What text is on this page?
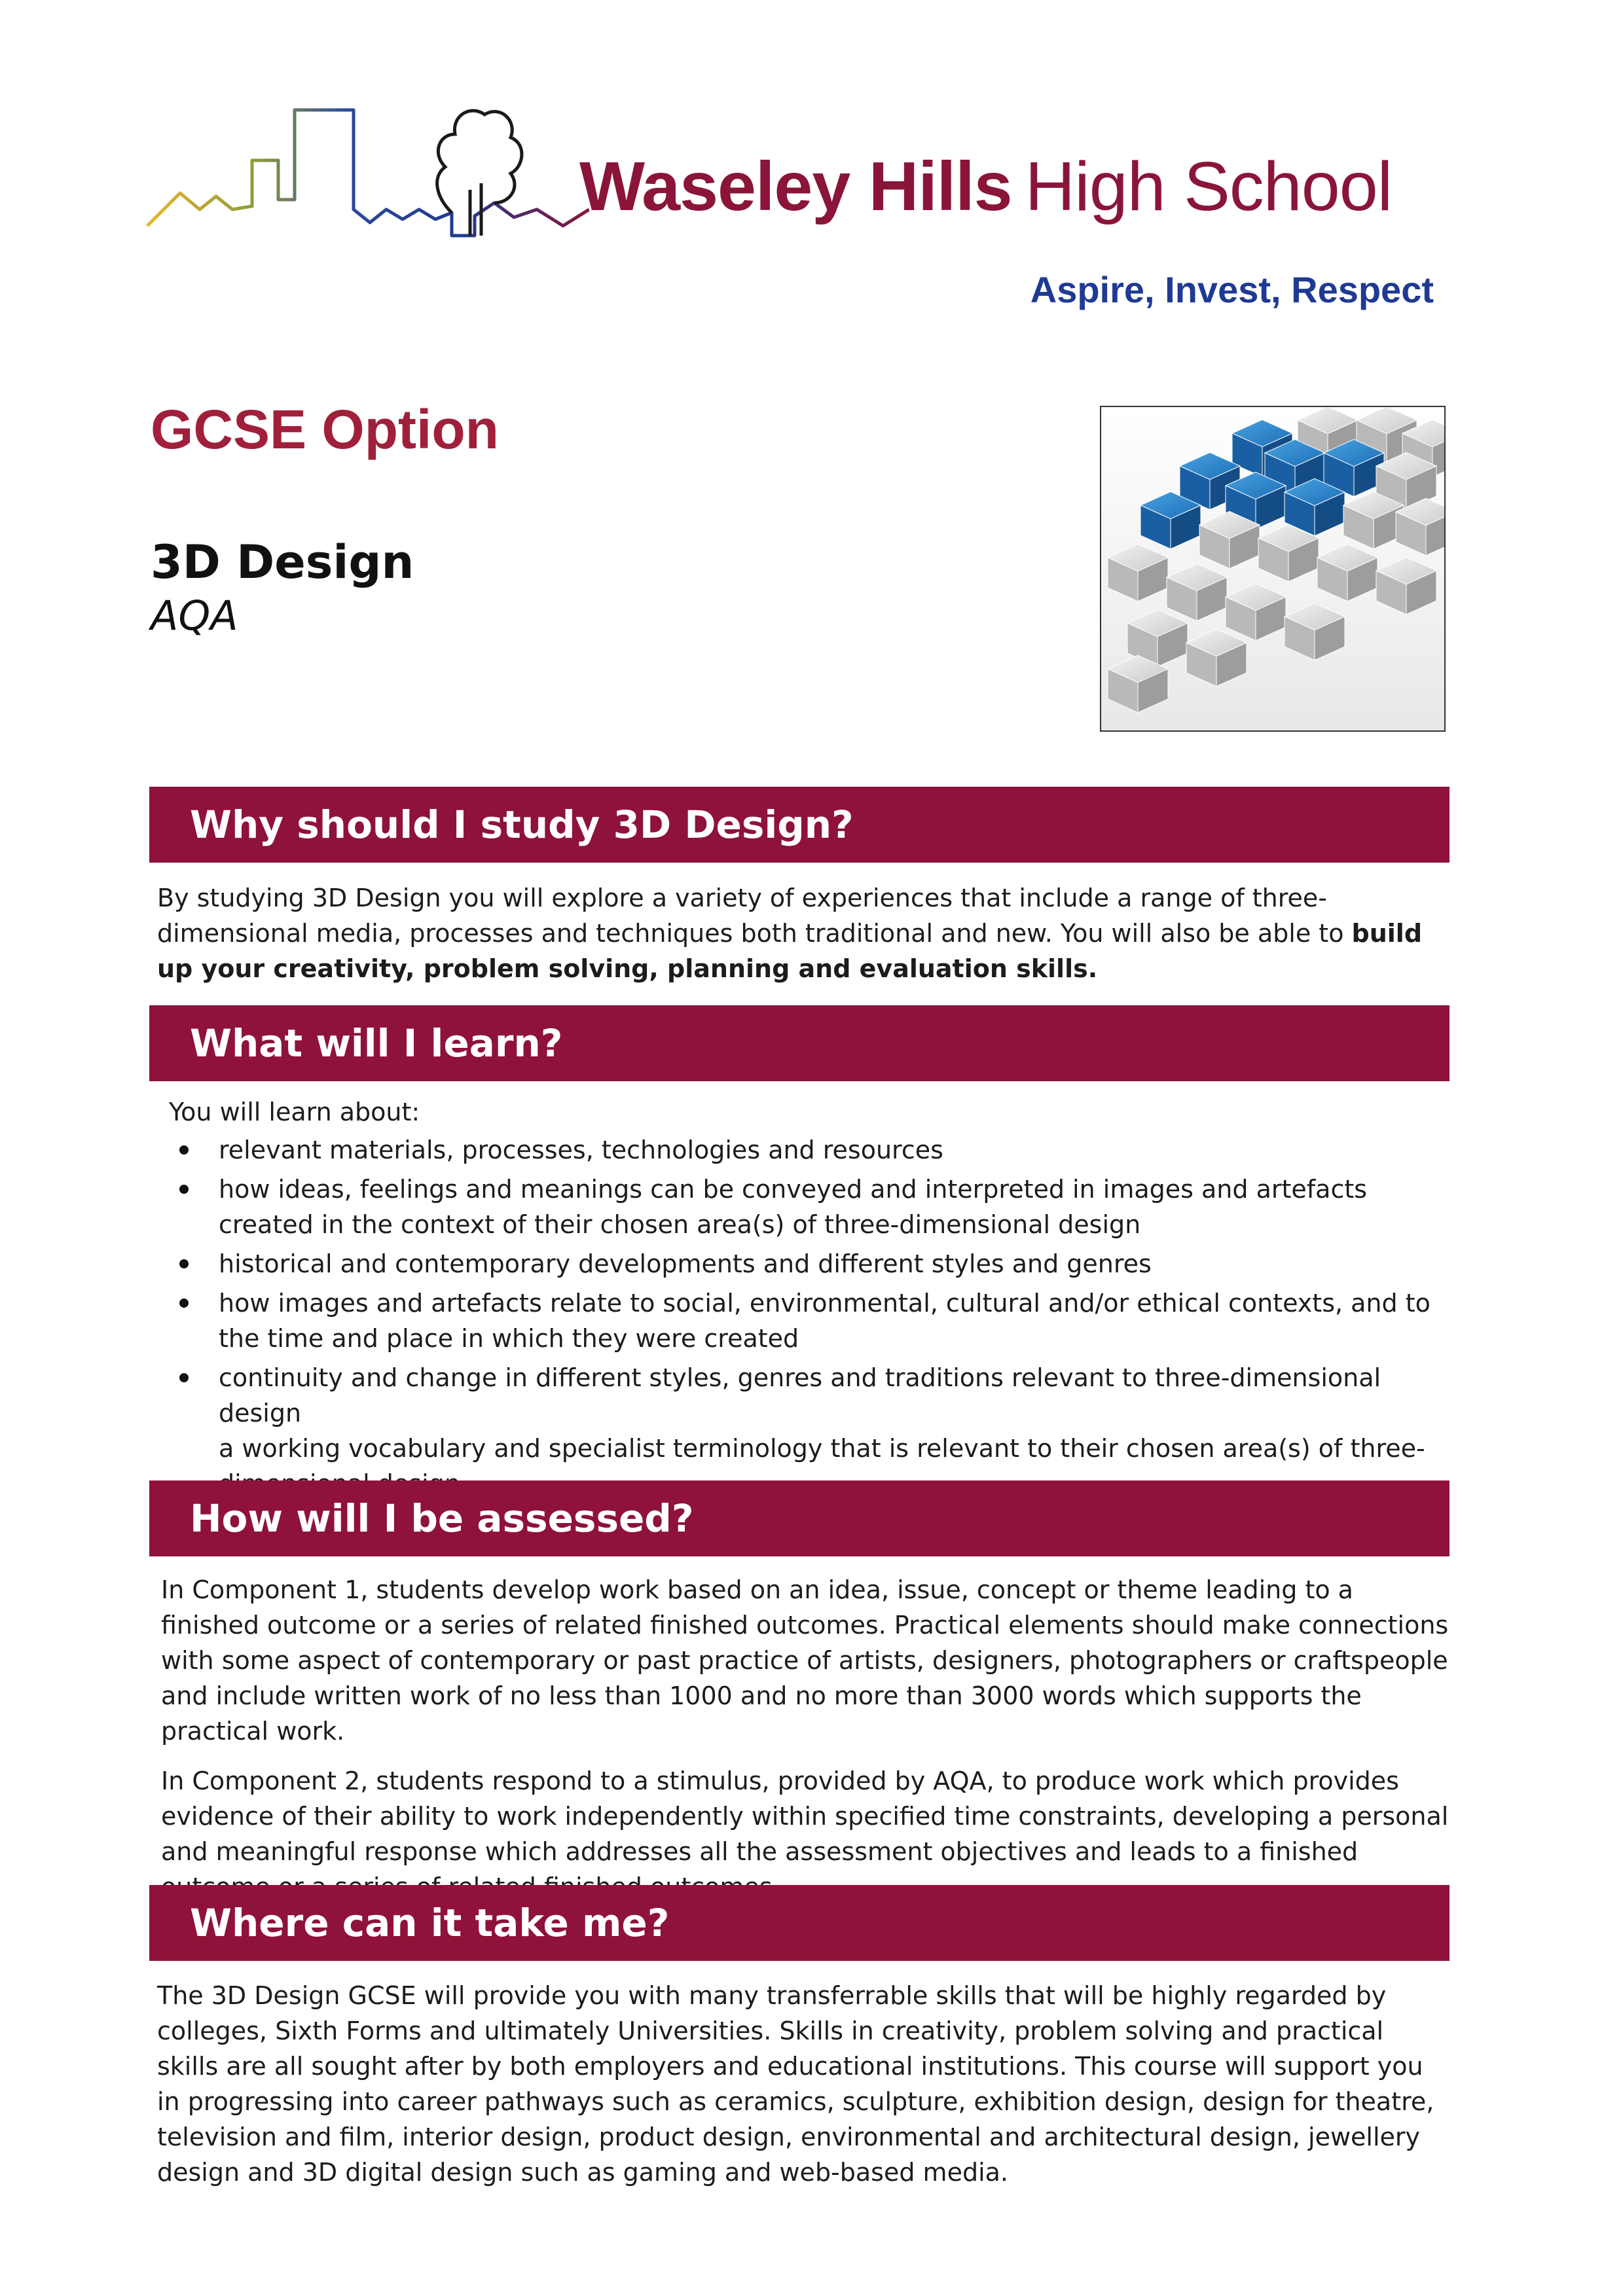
Waseley Hills High School
Aspire, Invest, Respect
GCSE Option
3D Design
AQA
Why should I study 3D Design?

By studying 3D Design you will explore a variety of experiences that include a range of three-dimensional media, processes and techniques both traditional and new. You will also be able to build up your creativity, problem solving, planning and evaluation skills.

What will I learn?

You will learn about:

relevant materials, processes, technologies and resources
how ideas, feelings and meanings can be conveyed and interpreted in images and artefacts created in the context of their chosen area(s) of three-dimensional design
historical and contemporary developments and different styles and genres
how images and artefacts relate to social, environmental, cultural and/or ethical contexts, and to the time and place in which they were created
continuity and change in different styles, genres and traditions relevant to three-dimensional design
a working vocabulary and specialist terminology that is relevant to their chosen area(s) of three-
How will I be assessed?

In Component 1, students develop work based on an idea, issue, concept or theme leading to a finished outcome or a series of related finished outcomes. Practical elements should make connections with some aspect of contemporary or past practice of artists, designers, photographers or craftspeople and include written work of no less than 1000 and no more than 3000 words which supports the practical work.

In Component 2, students respond to a stimulus, provided by AQA, to produce work which provides evidence of their ability to work independently within specified time constraints, developing a personal and meaningful response which addresses all the assessment objectives and leads to a finished

Where can it take me?

The 3D Design GCSE will provide you with many transferrable skills that will be highly regarded by colleges, Sixth Forms and ultimately Universities. Skills in creativity, problem solving and practical skills are all sought after by both employers and educational institutions. This course will support you in progressing into career pathways such as ceramics, sculpture, exhibition design, design for theatre, television and film, interior design, product design, environmental and architectural design, jewellery design and 3D digital design such as gaming and web-based media.
